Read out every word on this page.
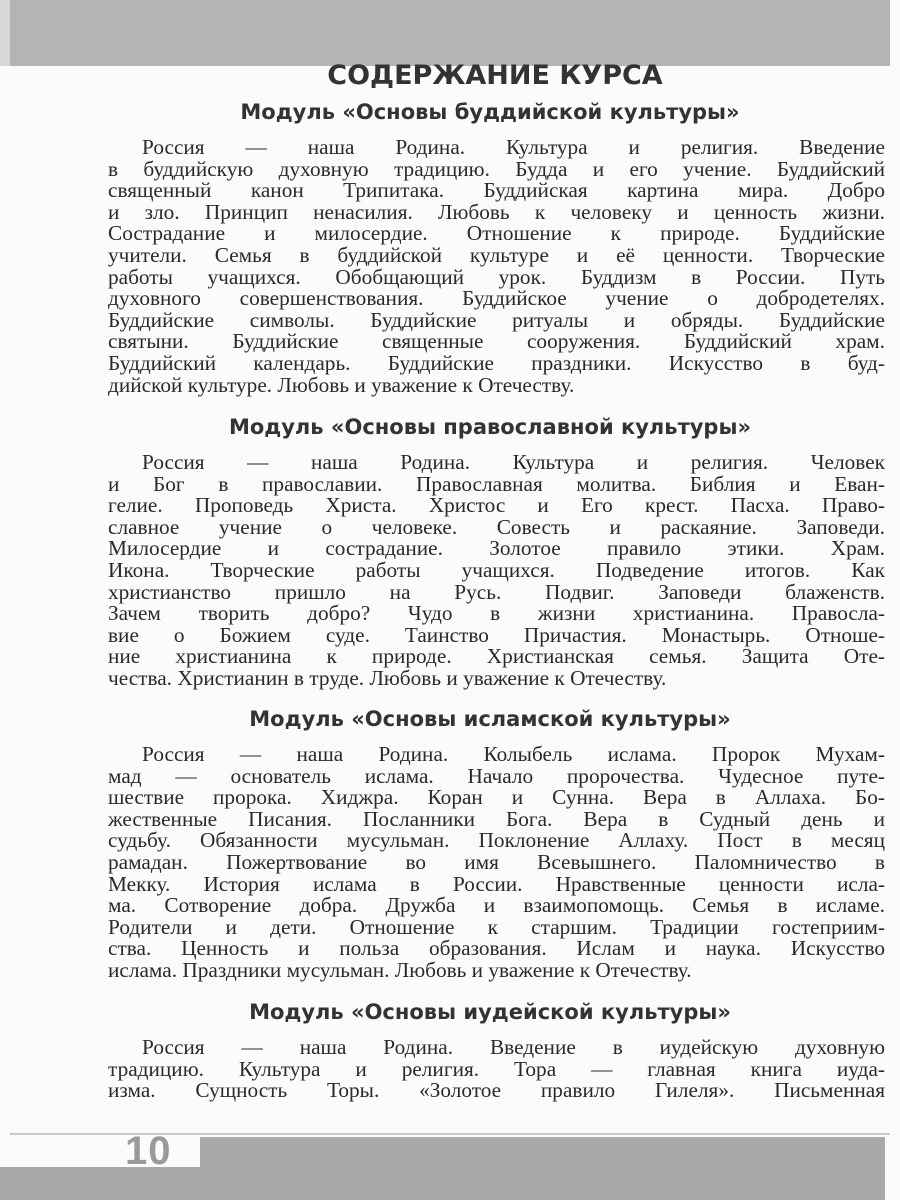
СОДЕРЖАНИЕ КУРСА
Модуль «Основы буддийской культуры»
Россия — наша Родина. Культура и религия. Введение
в буддийскую духовную традицию. Будда и его учение. Буддийский
священный канон Трипитака. Буддийская картина мира. Добро
и зло. Принцип ненасилия. Любовь к человеку и ценность жизни.
Сострадание и милосердие. Отношение к природе. Буддийские
учители. Семья в буддийской культуре и её ценности. Творческие
работы учащихся. Обобщающий урок. Буддизм в России. Путь
духовного совершенствования. Буддийское учение о добродетелях.
Буддийские символы. Буддийские ритуалы и обряды. Буддийские
святыни. Буддийские священные сооружения. Буддийский храм.
Буддийский календарь. Буддийские праздники. Искусство в буд-
дийской культуре. Любовь и уважение к Отечеству.
Модуль «Основы православной культуры»
Россия — наша Родина. Культура и религия. Человек
и Бог в православии. Православная молитва. Библия и Еван-
гелие. Проповедь Христа. Христос и Его крест. Пасха. Право-
славное учение о человеке. Совесть и раскаяние. Заповеди.
Милосердие и сострадание. Золотое правило этики. Храм.
Икона. Творческие работы учащихся. Подведение итогов. Как
христианство пришло на Русь. Подвиг. Заповеди блаженств.
Зачем творить добро? Чудо в жизни христианина. Правосла-
вие о Божием суде. Таинство Причастия. Монастырь. Отноше-
ние христианина к природе. Христианская семья. Защита Оте-
чества. Христианин в труде. Любовь и уважение к Отечеству.
Модуль «Основы исламской культуры»
Россия — наша Родина. Колыбель ислама. Пророк Мухам-
мад — основатель ислама. Начало пророчества. Чудесное путе-
шествие пророка. Хиджра. Коран и Сунна. Вера в Аллаха. Бо-
жественные Писания. Посланники Бога. Вера в Судный день и
судьбу. Обязанности мусульман. Поклонение Аллаху. Пост в месяц
рамадан. Пожертвование во имя Всевышнего. Паломничество в
Мекку. История ислама в России. Нравственные ценности исла-
ма. Сотворение добра. Дружба и взаимопомощь. Семья в исламе.
Родители и дети. Отношение к старшим. Традиции гостеприим-
ства. Ценность и польза образования. Ислам и наука. Искусство
ислама. Праздники мусульман. Любовь и уважение к Отечеству.
Модуль «Основы иудейской культуры»
Россия — наша Родина. Введение в иудейскую духовную
традицию. Культура и религия. Тора — главная книга иуда-
изма. Сущность Торы. «Золотое правило Гилеля». Письменная
10
